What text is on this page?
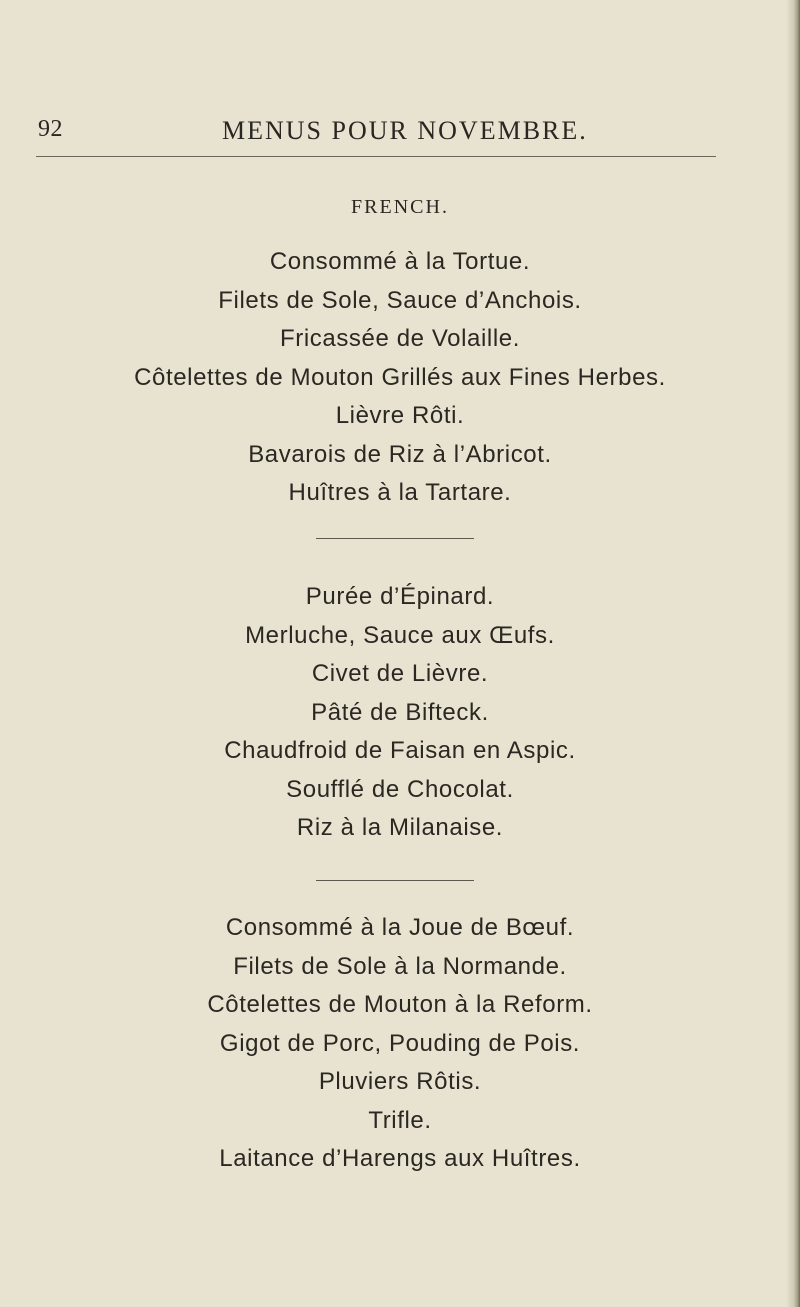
92	MENUS POUR NOVEMBRE.
FRENCH.
Consommé à la Tortue.
Filets de Sole, Sauce d’Anchois.
Fricassée de Volaille.
Côtelettes de Mouton Grillés aux Fines Herbes.
Lièvre Rôti.
Bavarois de Riz à l’Abricot.
Huîtres à la Tartare.
Purée d’Épinard.
Merluche, Sauce aux Œufs.
Civet de Lièvre.
Pâté de Bifteck.
Chaudfroid de Faisan en Aspic.
Soufflé de Chocolat.
Riz à la Milanaise.
Consommé à la Joue de Bœuf.
Filets de Sole à la Normande.
Côtelettes de Mouton à la Reform.
Gigot de Porc, Pouding de Pois.
Pluviers Rôtis.
Trifle.
Laitance d’Harengs aux Huîtres.
